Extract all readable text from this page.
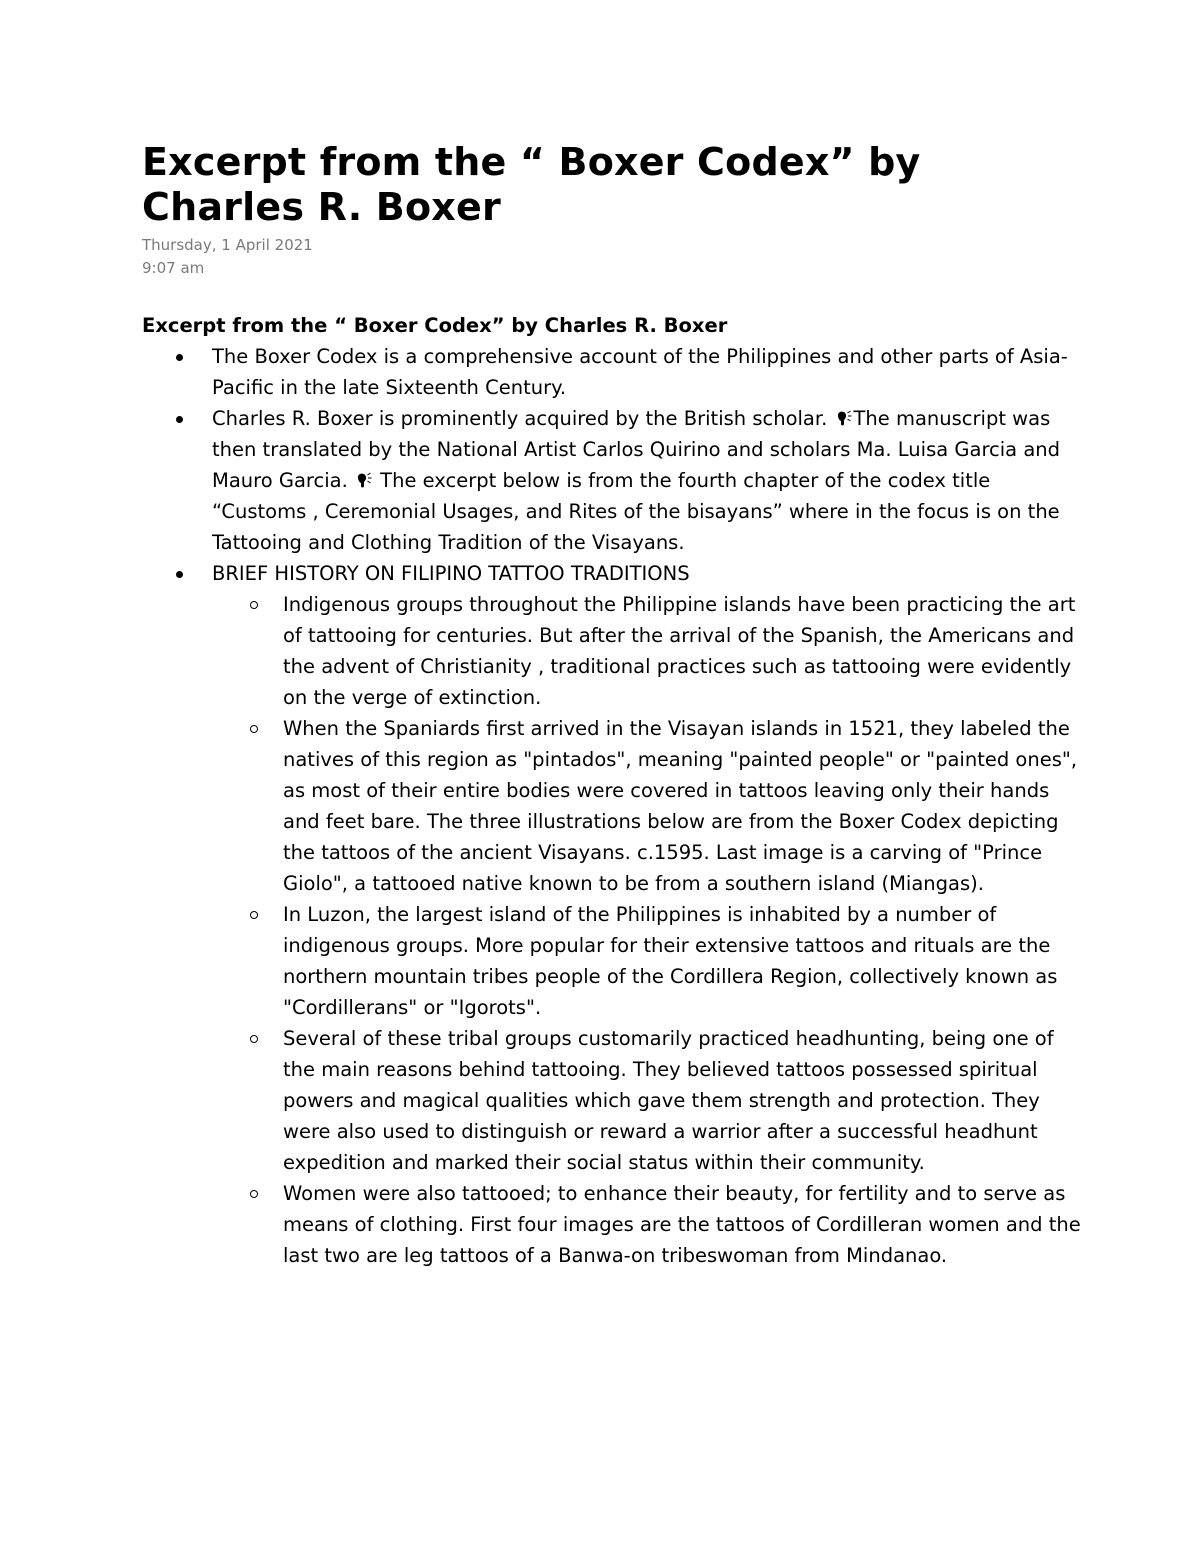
Excerpt from the “ Boxer Codex” by Charles R. Boxer
Thursday, 1 April 2021
9:07 am

Excerpt from the “ Boxer Codex” by Charles R. Boxer

The Boxer Codex is a comprehensive account of the Philippines and other parts of Asia-Pacific in the late Sixteenth Century.
Charles R. Boxer is prominently acquired by the British scholar.
The manuscript was then translated by the National Artist Carlos Quirino and scholars Ma. Luisa Garcia and Mauro Garcia.
The excerpt below is from the fourth chapter of the codex title “Customs , Ceremonial Usages, and Rites of the bisayans” where in the focus is on the Tattooing and Clothing Tradition of the Visayans.
BRIEF HISTORY ON FILIPINO TATTOO TRADITIONS
Indigenous groups throughout the Philippine islands have been practicing the art of tattooing for centuries. But after the arrival of the Spanish, the Americans and the advent of Christianity , traditional practices such as tattooing were evidently on the verge of extinction.
When the Spaniards first arrived in the Visayan islands in 1521, they labeled the natives of this region as "pintados", meaning "painted people" or "painted ones", as most of their entire bodies were covered in tattoos leaving only their hands and feet bare. The three illustrations below are from the Boxer Codex depicting the tattoos of the ancient Visayans. c.1595. Last image is a carving of "Prince Giolo", a tattooed native known to be from a southern island (Miangas).
In Luzon, the largest island of the Philippines is inhabited by a number of indigenous groups. More popular for their extensive tattoos and rituals are the northern mountain tribes people of the Cordillera Region, collectively known as "Cordillerans" or "Igorots".
Several of these tribal groups customarily practiced headhunting, being one of the main reasons behind tattooing. They believed tattoos possessed spiritual powers and magical qualities which gave them strength and protection. They were also used to distinguish or reward a warrior after a successful headhunt expedition and marked their social status within their community.
Women were also tattooed; to enhance their beauty, for fertility and to serve as means of clothing. First four images are the tattoos of Cordilleran women and the last two are leg tattoos of a Banwa-on tribeswoman from Mindanao.
